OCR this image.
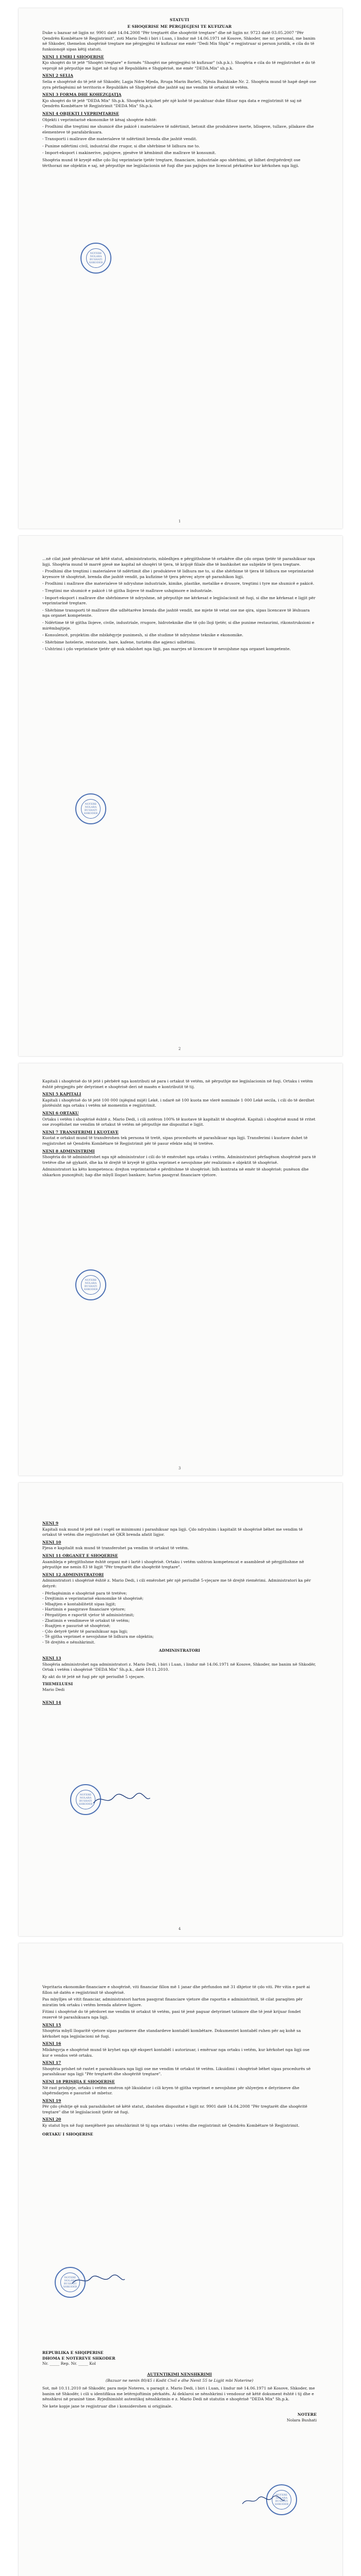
STATUTI
E SHOQERISE ME PERGJEGJESI TE KUFIZUAR

Duke u bazuar në ligjin nr. 9901 datë 14.04.2008 "Për tregtarët dhe shoqëritë tregtare" dhe në ligjin nr. 9723 datë 03.05.2007 "Për Qendrën Kombëtare të Regjistrimit", zoti Mario Dedi i biri i Luan, i lindur më 14.06.1971 në Kosove, Shkoder, me nr. personal, me banim në Shkoder, themelon shoqërinë tregtare me përgjegjësi të kufizuar me emër "Dedi Mix Shpk" e regjistruar si person juridik, e cila do të funksionojë sipas këtij statuti.

NENI 1 EMRI I SHOQERISE

Kjo shoqëri do të jetë "Shoqëri tregtare" e formës "Shoqëri me përgjegjësi të kufizuar" (sh.p.k.). Shoqëria e cila do të regjistrohet e do të veprojë në përputhje me ligjet në fuqi në Republikën e Shqipërisë, me emër "DEDA.Mix" sh.p.k.

NENI 2 SELIA

Selia e shoqërisë do të jetë në Shkodër, Lagja Ndre Mjeda, Rruga Marin Barleti, Njësia Bashkiake Nr. 2. Shoqëria mund të hapë degë ose zyra përfaqësimi në territorin e Republikës së Shqipërisë dhe jashtë saj me vendim të ortakut të vetëm.

NENI 3 FORMA DHE KOHEZGJATJA

Kjo shoqëri do të jetë "DEDA Mix" Sh.p.k. Shoqëria krijohet për një kohë të pacaktuar duke filluar nga data e regjistrimit të saj në Qendrën Kombëtare të Regjistrimit "DEDA Mix" Sh.p.k.

NENI 4 OBJEKTI I VEPRIMTARISE

Objekti i veprimtarisë ekonomike të kësaj shoqërie është:

- Prodhimi dhe tregtimi me shumicë dhe pakicë i materialeve të ndërtimit, betonit dhe produkteve inerte, blloqeve, tullave, pllakave dhe elementeve të parafabrikuara.

- Transporti i mallrave dhe materialeve të ndërtimit brenda dhe jashtë vendit.

- Punime ndërtimi civil, industrial dhe rrugor, si dhe shërbime të lidhura me to.

- Import-eksport i makinerive, pajisjeve, pjesëve të këmbimit dhe mallrave të konsumit.

Shoqëria mund të kryejë edhe çdo lloj veprimtarie tjetër tregtare, financiare, industriale apo shërbimi, që lidhet drejtpërdrejt ose tërthorazi me objektin e saj, në përputhje me legjislacionin në fuqi dhe pas pajisjes me licencat përkatëse kur kërkohen nga ligji.

NOTERE NOLARA BUSHATI SHKODER
1

...në cilat janë përshkruar në këtë statut, administratorin, mbledhjen e përgjithshme të ortakëve dhe çdo organ tjetër të parashikuar nga ligji. Shoqëria mund të marrë pjesë me kapital në shoqëri të tjera, të krijojë filiale dhe të bashkohet me subjekte të tjera tregtare.

- Prodhimi dhe tregtimi i materialeve të ndërtimit dhe i produkteve të lidhura me to, si dhe shërbime të tjera të lidhura me veprimtarinë kryesore të shoqërisë, brenda dhe jashtë vendit, pa kufizime të tjera përveç atyre që parashikon ligji.

- Prodhimi i mallrave dhe materialeve të ndryshme industriale, kimike, plastike, metalike e drusore, tregtimi i tyre me shumicë e pakicë.

- Tregtimi me shumicë e pakicë i të gjitha llojeve të mallrave ushqimore e industriale.

- Import-eksport i mallrave dhe shërbimeve të ndryshme, në përputhje me kërkesat e legjislacionit në fuqi, si dhe me kërkesat e ligjit për veprimtarinë tregtare.

- Shërbime transporti të mallrave dhe udhëtarëve brenda dhe jashtë vendit, me mjete të vetat ose me qira, sipas licencave të lëshuara nga organet kompetente.

- Ndërtime të të gjitha llojeve, civile, industriale, rrugore, hidroteknike dhe të çdo lloji tjetër, si dhe punime restaurimi, rikonstruksioni e mirëmbajtjeje.

- Konsulencë, projektim dhe mbikëqyrje punimesh, si dhe studime të ndryshme teknike e ekonomike.

- Shërbime hotelerie, restorante, bare, kafene, turizëm dhe agjenci udhëtimi.

- Ushtrimi i çdo veprimtarie tjetër që nuk ndalohet nga ligji, pas marrjes së licencave të nevojshme nga organet kompetente.

NOTERE NOLARA BUSHATI SHKODER
2

Kapitali i shoqërisë do të jetë i përbërë nga kontributi në para i ortakut të vetëm, në përputhje me legjislacionin në fuqi. Ortaku i vetëm është përgjegjës për detyrimet e shoqërisë deri në masën e kontributit të tij.

NENI 5 KAPITALI

Kapitali i shoqërisë do të jetë 100 000 (njëqind mijë) Lekë, i ndarë në 100 kuota me vlerë nominale 1 000 Lekë secila, i cili do të derdhet plotësisht nga ortaku i vetëm në momentin e regjistrimit.

NENI 6 ORTAKU

Ortaku i vetëm i shoqërisë është z. Mario Dedi, i cili zotëron 100% të kuotave të kapitalit të shoqërisë. Kapitali i shoqërisë mund të rritet ose zvogëlohet me vendim të ortakut të vetëm në përputhje me dispozitat e ligjit.

NENI 7 TRANSFERIMI I KUOTAVE

Kuotat e ortakut mund të transferohen tek persona të tretë, sipas procedurës së parashikuar nga ligji. Transferimi i kuotave duhet të regjistrohet në Qendrën Kombëtare të Regjistrimit për të pasur efekte ndaj të tretëve.

NENI 8 ADMINISTRIMI

Shoqëria do të administrohet nga një administrator i cili do të emërohet nga ortaku i vetëm. Administratori përfaqëson shoqërinë para të tretëve dhe në gjykatë, dhe ka të drejtë të kryejë të gjitha veprimet e nevojshme për realizimin e objektit të shoqërisë.

Administratori ka këto kompetenca: drejton veprimtarinë e përditshme të shoqërisë; lidh kontrata në emër të shoqërisë; punëson dhe shkarkon punonjësit; hap dhe mbyll llogari bankare; harton pasqyrat financiare vjetore.

NOTERE NOLARA BUSHATI SHKODER
3
NENI 9

Kapitali nuk mund të jetë më i vogël se minimumi i parashikuar nga ligji. Çdo ndryshim i kapitalit të shoqërisë bëhet me vendim të ortakut të vetëm dhe regjistrohet në QKR brenda afatit ligjor.

NENI 10

Pjesa e kapitalit nuk mund të transferohet pa vendim të ortakut të vetëm.

NENI 11 ORGANET E SHOQERISE

Asambleja e përgjithshme është organi më i lartë i shoqërisë. Ortaku i vetëm ushtron kompetencat e asamblesë së përgjithshme në përputhje me nenin 83 të ligjit "Për tregtarët dhe shoqëritë tregtare".

NENI 12 ADMINISTRATORI

Administratori i shoqërisë është z. Mario Dedi, i cili emërohet për një periudhë 5-vjeçare me të drejtë riemërimi. Administratori ka për detyrë:

- Përfaqësimin e shoqërisë para të tretëve;

- Drejtimin e veprimtarisë ekonomike të shoqërisë;

- Mbajtjen e kontabilitetit sipas ligjit;

- Hartimin e pasqyrave financiare vjetore;

- Përgatitjen e raportit vjetor të administrimit;

- Zbatimin e vendimeve të ortakut të vetëm;

- Ruajtjen e pasurisë së shoqërisë;

- Çdo detyrë tjetër të parashikuar nga ligji;

- Të gjitha veprimet e nevojshme të lidhura me objektin;

- Të drejtën e nënshkrimit.

ADMINISTRATORI
NENI 13

Shoqëria administrohet nga administratori z. Mario Dedi, i biri i Luan, i lindur më 14.06.1971 në Kosove, Shkoder, me banim në Shkodër, Ortak i vetëm i shoqërisë "DEDA Mix" Sh.p.k., datë 10.11.2010.

Ky akt do të jetë në fuqi për një periudhë 5 vjeçare.

THEMELUESI
Mario Dedi
NENI 14
NOTERE NOLARA BUSHATI SHKODER
4

Vepritaria ekonomike-financiare e shoqërisë, viti financiar fillon më 1 janar dhe përfundon më 31 dhjetor të çdo viti. Për vitin e parë ai fillon në datën e regjistrimit të shoqërisë.

Pas mbylljes së vitit financiar, administratori harton pasqyrat financiare vjetore dhe raportin e administrimit, të cilat paraqiten për miratim tek ortaku i vetëm brenda afateve ligjore.

Fitimi i shoqërisë do të përdoret me vendim të ortakut të vetëm, pasi të jenë paguar detyrimet tatimore dhe të jenë krijuar fondet rezervë të parashikuara nga ligji.

NENI 15

Shoqëria mbyll llogaritë vjetore sipas parimeve dhe standardeve kontabël kombëtare. Dokumentet kontabël ruhen për aq kohë sa kërkohet nga legjislacioni në fuqi.

NENI 16

Mbikëqyrja e shoqërisë mund të kryhet nga një ekspert kontabël i autorizuar, i emëruar nga ortaku i vetëm, kur kërkohet nga ligji ose kur e vendos vetë ortaku.

NENI 17

Shoqëria prishet në rastet e parashikuara nga ligji ose me vendim të ortakut të vetëm. Likuidimi i shoqërisë bëhet sipas procedurës së parashikuar nga ligji "Për tregtarët dhe shoqëritë tregtare".

NENI 18 PRISHJA E SHOQERISE

Në rast prishjeje, ortaku i vetëm emëron një likuidator i cili kryen të gjitha veprimet e nevojshme për shlyerjen e detyrimeve dhe shpërndarjen e pasurisë së mbetur.

NENI 19

Për çdo çështje që nuk parashikohet në këtë statut, zbatohen dispozitat e ligjit nr. 9901 datë 14.04.2008 "Për tregtarët dhe shoqëritë tregtare" dhe të legjislacionit tjetër në fuqi.

NENI 20

Ky statut hyn në fuqi menjëherë pas nënshkrimit të tij nga ortaku i vetëm dhe regjistrimit në Qendrën Kombëtare të Regjistrimit.

ORTAKU I SHOQERISE
NOTERE NOLARA BUSHATI SHKODER
REPUBLIKA E SHQIPERISE
DHOMA E NOTEREVE SHKODER
Nr. _____ Rep. Nr. _____ Kol
AUTENTIKIMI NENSHKRIMI
(Bazuar ne nenin 80/45 i Kodit Civil e dhe Nenit 55 te Ligjit mbi Noterine)

Sot, më 10.11.2010 në Shkodër, para meje Noteres, u paraqit z. Mario Dedi, i biri i Luan, i lindur më 14.06.1971 në Kosove, Shkoder, me banim në Shkodër, i cili u identifikua me letërnjoftimin përkatës. Ai deklaroi se nënshkrimi i vendosur në këtë dokument është i tij dhe e nënshkroi në praninë time. Rrjedhimisht autentikoj nënshkrimin e z. Mario Dedi në statutin e shoqërisë "DEDA Mix" Sh.p.k.

Ne kete kopje jane te regjistruar dhe i konsiderohen si origjinale.

NOTERE
Nolara Bushati
NOTERE NOLARA BUSHATI SHKODER
